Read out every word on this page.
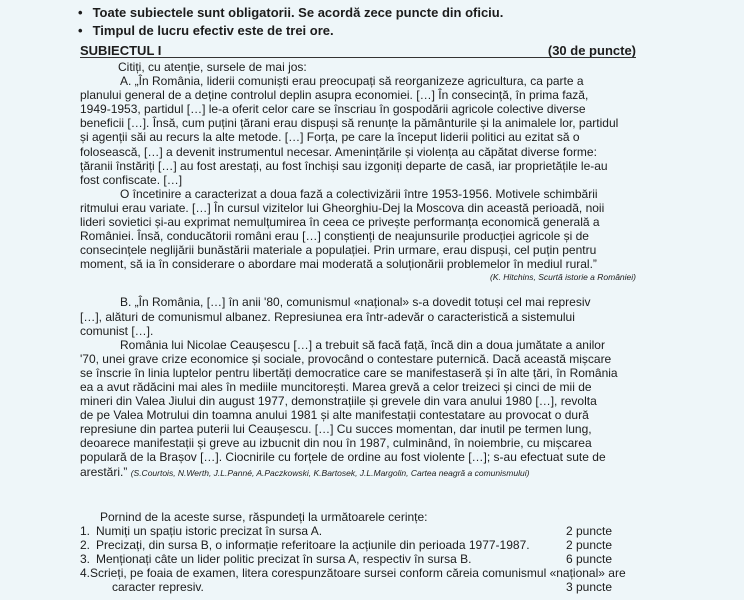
• Toate subiectele sunt obligatorii. Se acordă zece puncte din oficiu.
• Timpul de lucru efectiv este de trei ore.
SUBIECTUL I	(30 de puncte)
Citiți, cu atenție, sursele de mai jos:
A. „În România, liderii comuniști erau preocupați să reorganizeze agricultura, ca parte a
planului general de a deține controlul deplin asupra economiei. […] În consecință, în prima fază,
1949-1953, partidul […] le-a oferit celor care se înscriau în gospodării agricole colective diverse
beneficii […]. Însă, cum puțini țărani erau dispuși să renunțe la pământurile și la animalele lor, partidul
și agenții săi au recurs la alte metode. […] Forța, pe care la început liderii politici au ezitat să o
folosească, […] a devenit instrumentul necesar. Amenințările și violența au căpătat diverse forme:
țăranii înstăriți […] au fost arestați, au fost închiși sau izgoniți departe de casă, iar proprietățile le-au
fost confiscate. […]
O încetinire a caracterizat a doua fază a colectivizării între 1953-1956. Motivele schimbării
ritmului erau variate. […] În cursul vizitelor lui Gheorghiu-Dej la Moscova din această perioadă, noii
lideri sovietici și-au exprimat nemulțumirea în ceea ce privește performanța economică generală a
României. Însă, conducătorii români erau […] conștienți de neajunsurile producției agricole și de
consecințele neglijării bunăstării materiale a populației. Prin urmare, erau dispuși, cel puțin pentru
moment, să ia în considerare o abordare mai moderată a soluționării problemelor în mediul rural.”
(K. Hitchins, Scurtă istorie a României)
B. „În România, […] în anii '80, comunismul «național» s-a dovedit totuși cel mai represiv
[…], alături de comunismul albanez. Represiunea era într-adevăr o caracteristică a sistemului
comunist […].
România lui Nicolae Ceaușescu […] a trebuit să facă față, încă din a doua jumătate a anilor
'70, unei grave crize economice și sociale, provocând o contestare puternică. Dacă această mișcare
se înscrie în linia luptelor pentru libertăți democratice care se manifestaseră și în alte țări, în România
ea a avut rădăcini mai ales în mediile muncitorești. Marea grevă a celor treizeci și cinci de mii de
mineri din Valea Jiului din august 1977, demonstrațiile și grevele din vara anului 1980 […], revolta
de pe Valea Motrului din toamna anului 1981 și alte manifestații contestatare au provocat o dură
represiune din partea puterii lui Ceaușescu. […] Cu succes momentan, dar inutil pe termen lung,
deoarece manifestații și greve au izbucnit din nou în 1987, culminând, în noiembrie, cu mișcarea
populară de la Brașov […]. Ciocnirile cu forțele de ordine au fost violente […]; s-au efectuat sute de
arestări.” (S.Courtois, N.Werth, J.L.Panné, A.Paczkowski, K.Bartosek, J.L.Margolin, Cartea neagră a comunismului)
Pornind de la aceste surse, răspundeți la următoarele cerințe:
1. Numiți un spațiu istoric precizat în sursa A.	2 puncte
2. Precizați, din sursa B, o informație referitoare la acțiunile din perioada 1977-1987.	2 puncte
3. Menționați câte un lider politic precizat în sursa A, respectiv în sursa B.	6 puncte
4. Scrieți, pe foaia de examen, litera corespunzătoare sursei conform căreia comunismul «național» are
caracter represiv.	3 puncte
